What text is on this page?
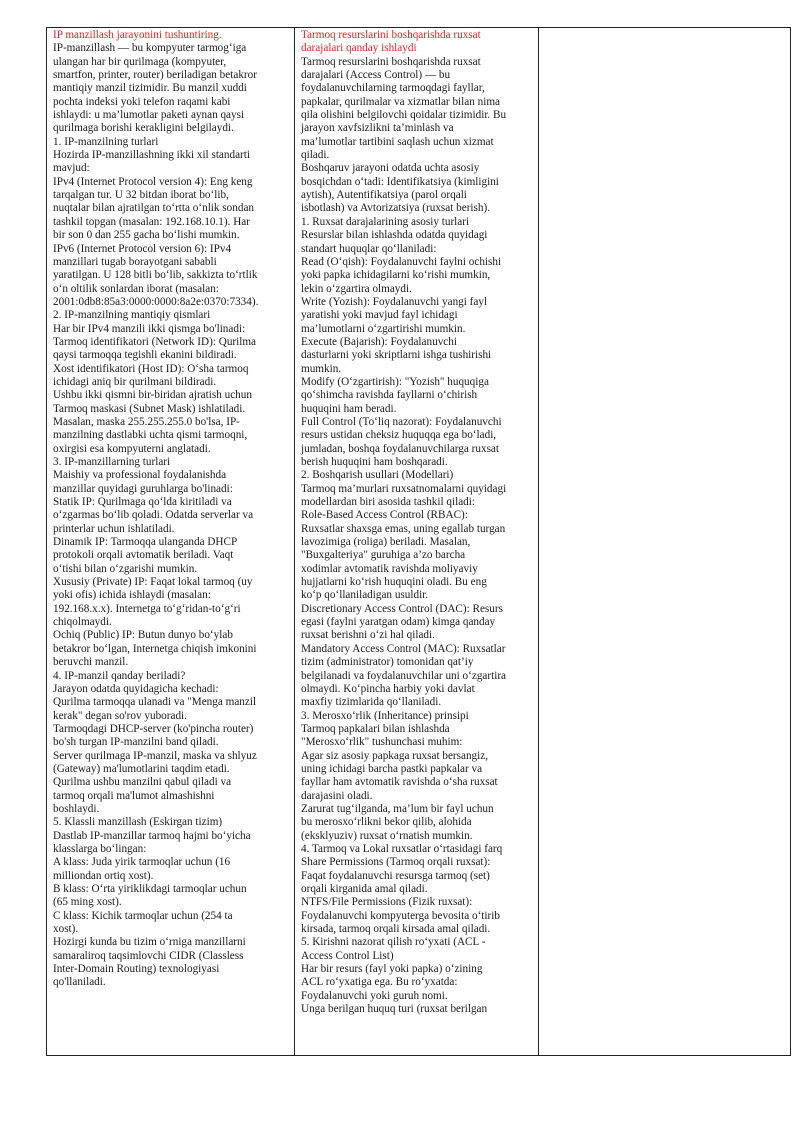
IP manzillash jarayonini tushuntiring.
IP-manzillash — bu kompyuter tarmog‘iga
ulangan har bir qurilmaga (kompyuter,
smartfon, printer, router) beriladigan betakror
mantiqiy manzil tizimidir. Bu manzil xuddi
pochta indeksi yoki telefon raqami kabi
ishlaydi: u ma’lumotlar paketi aynan qaysi
qurilmaga borishi kerakligini belgilaydi.
1. IP-manzilning turlari
Hozirda IP-manzillashning ikki xil standarti
mavjud:
IPv4 (Internet Protocol version 4): Eng keng
tarqalgan tur. U 32 bitdan iborat bo‘lib,
nuqtalar bilan ajratilgan to‘rtta o‘nlik sondan
tashkil topgan (masalan: 192.168.10.1). Har
bir son 0 dan 255 gacha bo‘lishi mumkin.
IPv6 (Internet Protocol version 6): IPv4
manzillari tugab borayotgani sababli
yaratilgan. U 128 bitli bo‘lib, sakkizta to‘rtlik
o‘n oltilik sonlardan iborat (masalan:
2001:0db8:85a3:0000:0000:8a2e:0370:7334).
2. IP-manzilning mantiqiy qismlari
Har bir IPv4 manzili ikki qismga bo'linadi:
Tarmoq identifikatori (Network ID): Qurilma
qaysi tarmoqqa tegishli ekanini bildiradi.
Xost identifikatori (Host ID): O‘sha tarmoq
ichidagi aniq bir qurilmani bildiradi.
Ushbu ikki qismni bir-biridan ajratish uchun
Tarmoq maskasi (Subnet Mask) ishlatiladi.
Masalan, maska 255.255.255.0 bo'lsa, IP-
manzilning dastlabki uchta qismi tarmoqni,
oxirgisi esa kompyuterni anglatadi.
3. IP-manzillarning turlari
Maishiy va professional foydalanishda
manzillar quyidagi guruhlarga bo'linadi:
Statik IP: Qurilmaga qo‘lda kiritiladi va
o‘zgarmas bo‘lib qoladi. Odatda serverlar va
printerlar uchun ishlatiladi.
Dinamik IP: Tarmoqqa ulanganda DHCP
protokoli orqali avtomatik beriladi. Vaqt
o‘tishi bilan o‘zgarishi mumkin.
Xususiy (Private) IP: Faqat lokal tarmoq (uy
yoki ofis) ichida ishlaydi (masalan:
192.168.x.x). Internetga to‘g‘ridan-to‘g‘ri
chiqolmaydi.
Ochiq (Public) IP: Butun dunyo bo‘ylab
betakror bo‘lgan, Internetga chiqish imkonini
beruvchi manzil.
4. IP-manzil qanday beriladi?
Jarayon odatda quyidagicha kechadi:
Qurilma tarmoqqa ulanadi va "Menga manzil
kerak" degan so'rov yuboradi.
Tarmoqdagi DHCP-server (ko'pincha router)
bo'sh turgan IP-manzilni band qiladi.
Server qurilmaga IP-manzil, maska va shlyuz
(Gateway) ma'lumotlarini taqdim etadi.
Qurilma ushbu manzilni qabul qiladi va
tarmoq orqali ma'lumot almashishni
boshlaydi.
5. Klassli manzillash (Eskirgan tizim)
Dastlab IP-manzillar tarmoq hajmi bo‘yicha
klasslarga bo‘lingan:
A klass: Juda yirik tarmoqlar uchun (16
milliondan ortiq xost).
B klass: O‘rta yiriklikdagi tarmoqlar uchun
(65 ming xost).
C klass: Kichik tarmoqlar uchun (254 ta
xost).
Hozirgi kunda bu tizim o‘rniga manzillarni
samaraliroq taqsimlovchi CIDR (Classless
Inter-Domain Routing) texnologiyasi
qo'llaniladi.

Tarmoq resurslarini boshqarishda ruxsat
darajalari qanday ishlaydi
Tarmoq resurslarini boshqarishda ruxsat
darajalari (Access Control) — bu
foydalanuvchilarning tarmoqdagi fayllar,
papkalar, qurilmalar va xizmatlar bilan nima
qila olishini belgilovchi qoidalar tizimidir. Bu
jarayon xavfsizlikni ta’minlash va
ma’lumotlar tartibini saqlash uchun xizmat
qiladi.
Boshqaruv jarayoni odatda uchta asosiy
bosqichdan o‘tadi: Identifikatsiya (kimligini
aytish), Autentifikatsiya (parol orqali
isbotlash) va Avtorizatsiya (ruxsat berish).
1. Ruxsat darajalarining asosiy turlari
Resurslar bilan ishlashda odatda quyidagi
standart huquqlar qo‘llaniladi:
Read (O‘qish): Foydalanuvchi faylni ochishi
yoki papka ichidagilarni ko‘rishi mumkin,
lekin o‘zgartira olmaydi.
Write (Yozish): Foydalanuvchi yangi fayl
yaratishi yoki mavjud fayl ichidagi
ma’lumotlarni o‘zgartirishi mumkin.
Execute (Bajarish): Foydalanuvchi
dasturlarni yoki skriptlarni ishga tushirishi
mumkin.
Modify (O‘zgartirish): "Yozish" huquqiga
qo‘shimcha ravishda fayllarni o‘chirish
huquqini ham beradi.
Full Control (To‘liq nazorat): Foydalanuvchi
resurs ustidan cheksiz huquqqa ega bo‘ladi,
jumladan, boshqa foydalanuvchilarga ruxsat
berish huquqini ham boshqaradi.
2. Boshqarish usullari (Modellari)
Tarmoq ma’murlari ruxsatnomalarni quyidagi
modellardan biri asosida tashkil qiladi:
Role-Based Access Control (RBAC):
Ruxsatlar shaxsga emas, uning egallab turgan
lavozimiga (roliga) beriladi. Masalan,
"Buxgalteriya" guruhiga a’zo barcha
xodimlar avtomatik ravishda moliyaviy
hujjatlarni ko‘rish huquqini oladi. Bu eng
ko‘p qo‘llaniladigan usuldir.
Discretionary Access Control (DAC): Resurs
egasi (faylni yaratgan odam) kimga qanday
ruxsat berishni o‘zi hal qiladi.
Mandatory Access Control (MAC): Ruxsatlar
tizim (administrator) tomonidan qat’iy
belgilanadi va foydalanuvchilar uni o‘zgartira
olmaydi. Ko‘pincha harbiy yoki davlat
maxfiy tizimlarida qo‘llaniladi.
3. Merosxo‘rlik (Inheritance) prinsipi
Tarmoq papkalari bilan ishlashda
"Merosxo‘rlik" tushunchasi muhim:
Agar siz asosiy papkaga ruxsat bersangiz,
uning ichidagi barcha pastki papkalar va
fayllar ham avtomatik ravishda o‘sha ruxsat
darajasini oladi.
Zarurat tug‘ilganda, ma’lum bir fayl uchun
bu merosxo‘rlikni bekor qilib, alohida
(eksklyuziv) ruxsat o‘rnatish mumkin.
4. Tarmoq va Lokal ruxsatlar o‘rtasidagi farq
Share Permissions (Tarmoq orqali ruxsat):
Faqat foydalanuvchi resursga tarmoq (set)
orqali kirganida amal qiladi.
NTFS/File Permissions (Fizik ruxsat):
Foydalanuvchi kompyuterga bevosita o‘tirib
kirsada, tarmoq orqali kirsada amal qiladi.
5. Kirishni nazorat qilish ro‘yxati (ACL -
Access Control List)
Har bir resurs (fayl yoki papka) o‘zining
ACL ro‘yxatiga ega. Bu ro‘yxatda:
Foydalanuvchi yoki guruh nomi.
Unga berilgan huquq turi (ruxsat berilgan
